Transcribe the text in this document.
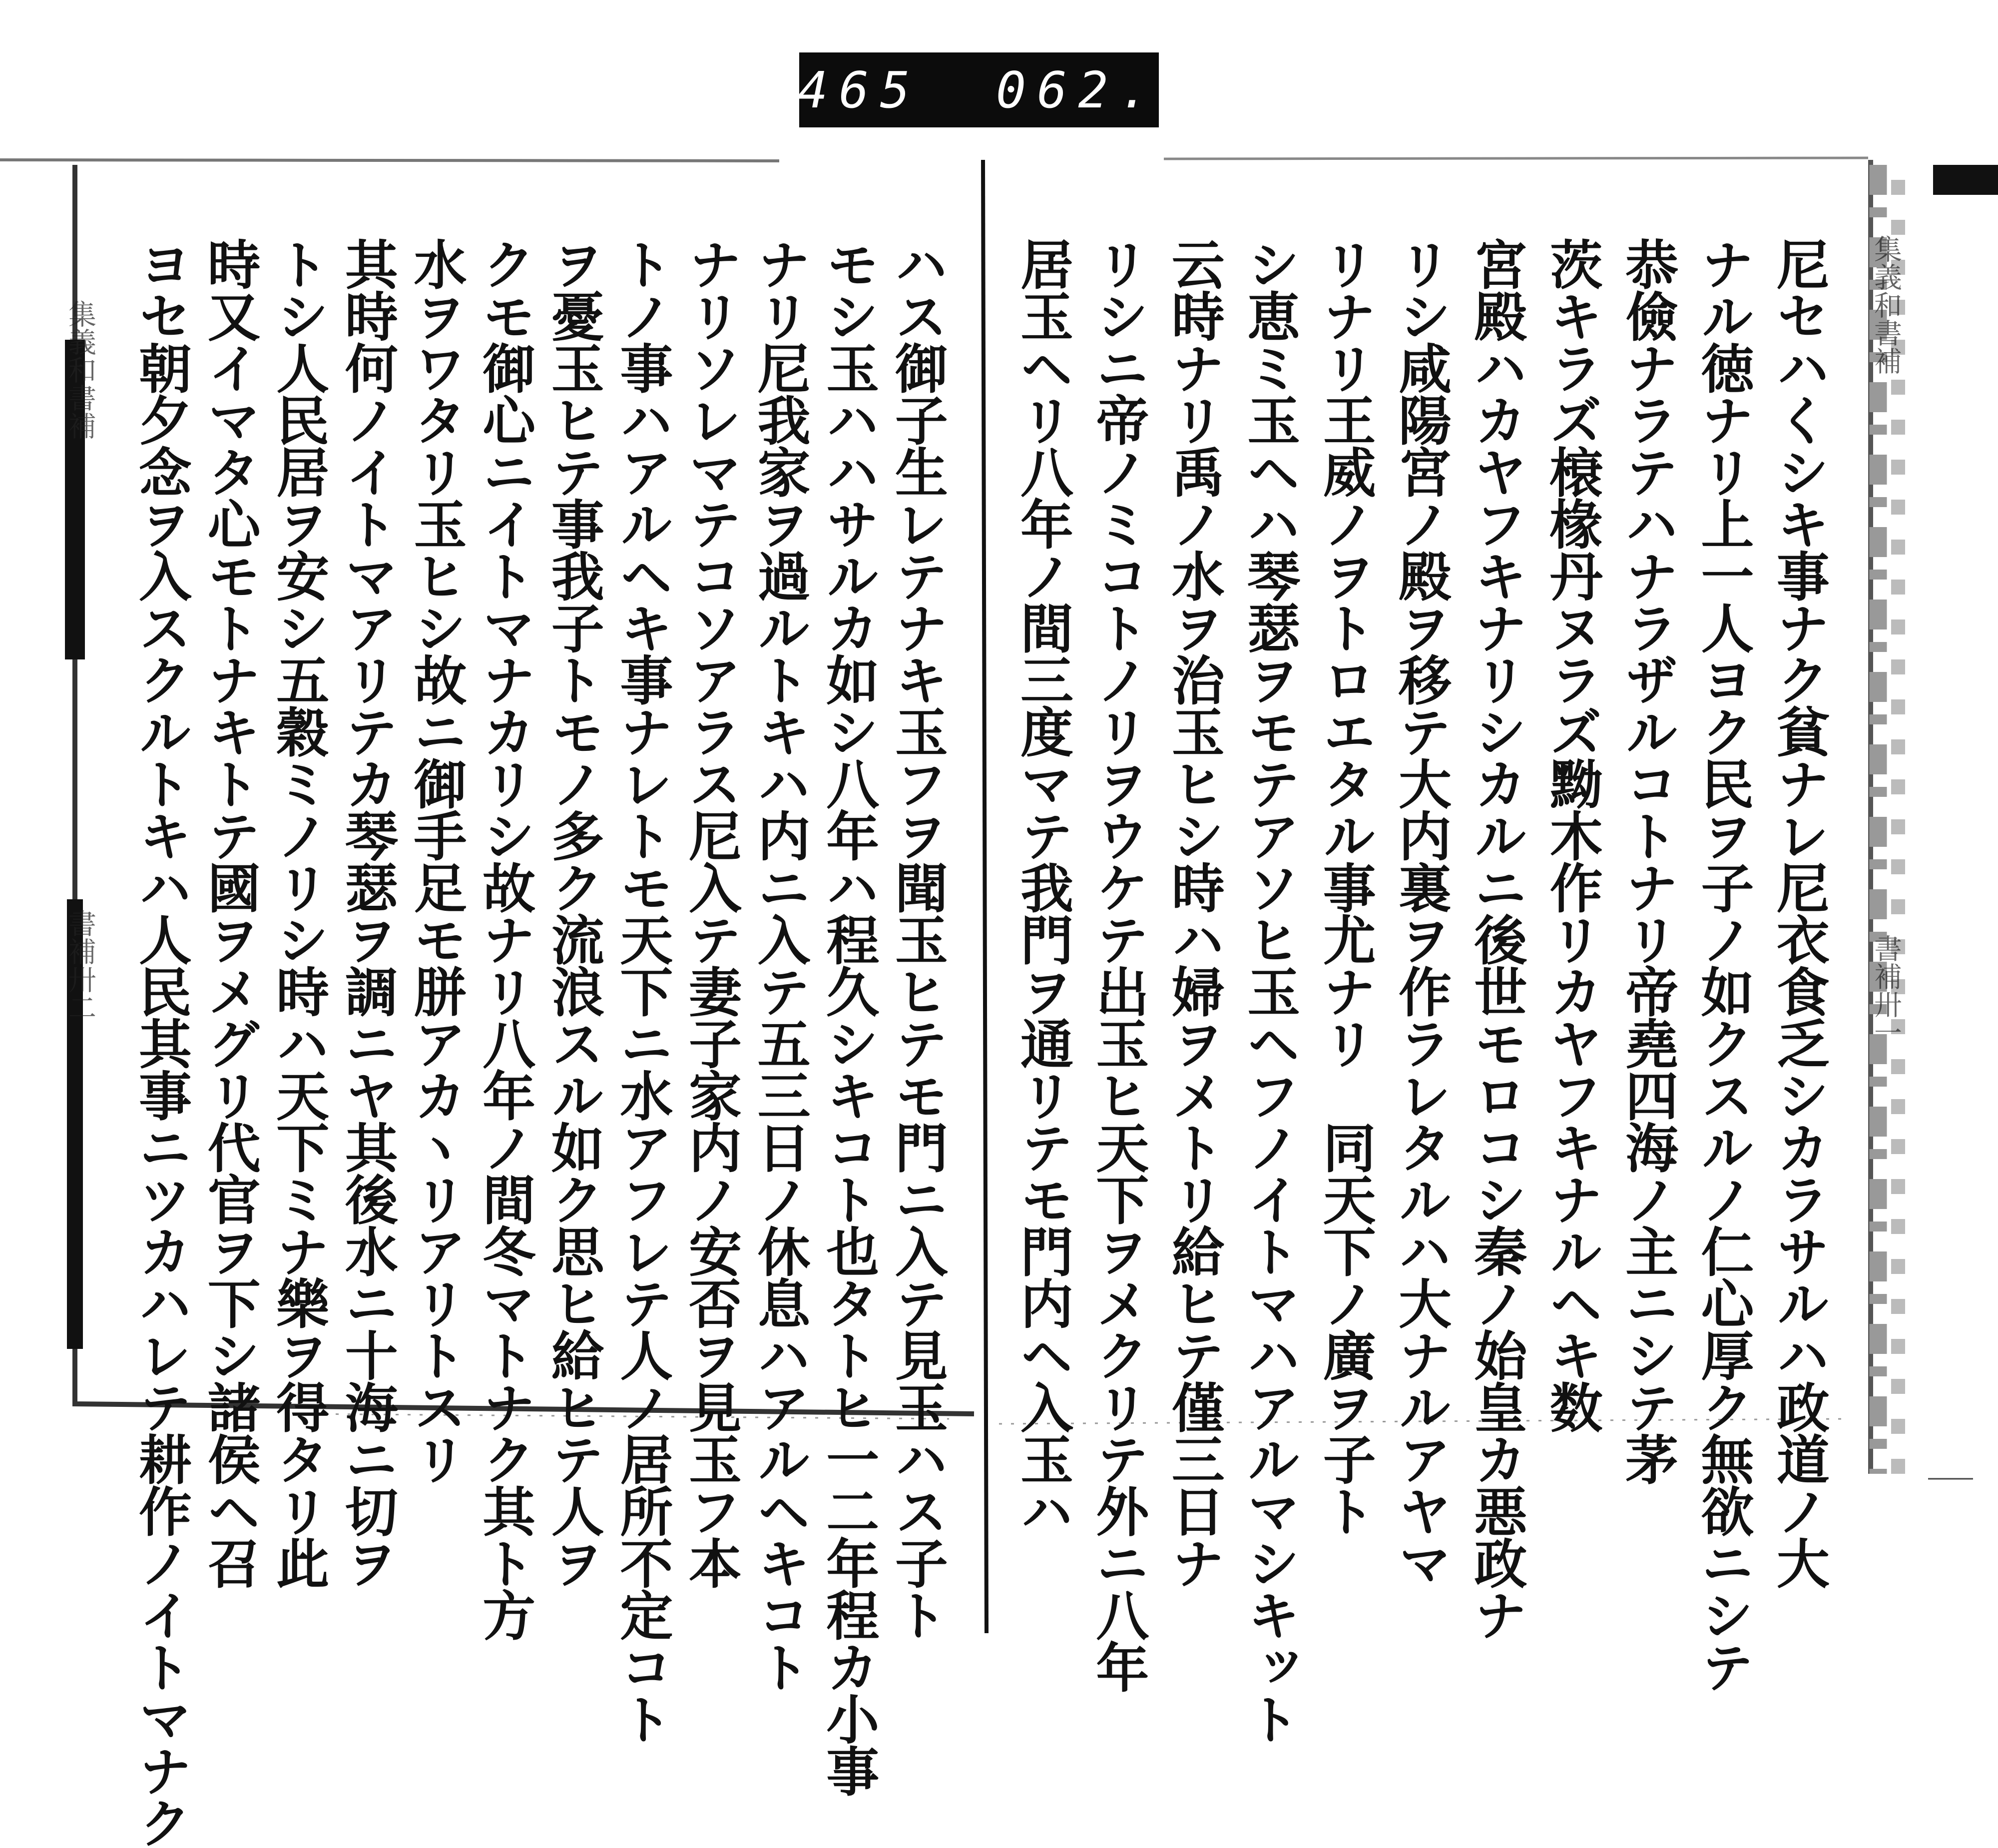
465 062.
集義和書補
書補卅一
集義和書補
書補卅二	尼セハくシキ事ナク貧ナレ尼衣食乏シカラサルハ政道ノ大
ナル徳ナリ上一人ヨク民ヲ子ノ如クスルノ仁心厚ク無欲ニシテ
恭儉ナラテハナラザルコトナリ帝堯四海ノ主ニシテ茅
茨キラズ榱椽丹ヌラズ黝木作リカヤフキナルヘキ数
宮殿ハカヤフキナリシカルニ後世モロコシ秦ノ始皇カ悪政ナ
リシ咸陽宮ノ殿ヲ移テ大内裏ヲ作ラレタルハ大ナルアヤマ
リナリ王威ノヲトロエタル事尤ナリ　同天下ノ廣ヲ子ト
シ恵ミ玉ヘハ琴瑟ヲモテアソヒ玉ヘフノイトマハアルマシキット
云時ナリ禹ノ水ヲ治玉ヒシ時ハ婦ヲメトリ給ヒテ僅三日ナ
リシニ帝ノミコトノリヲウケテ出玉ヒ天下ヲメクリテ外ニ八年
居玉ヘリ八年ノ間三度マテ我門ヲ通リテモ門内ヘ入玉ハ
ハス御子生レテナキ玉フヲ聞玉ヒテモ門ニ入テ見玉ハス子ト
モシ玉ハハサルカ如シ八年ハ程久シキコト也タトヒ一二年程カ小事
ナリ尼我家ヲ過ルトキハ内ニ入テ五三日ノ休息ハアルヘキコト
ナリソレマテコソアラス尼入テ妻子家内ノ安否ヲ見玉フ本
トノ事ハアルヘキ事ナレトモ天下ニ水アフレテ人ノ居所不定コト
ヲ憂玉ヒテ事我子トモノ多ク流浪スル如ク思ヒ給ヒテ人ヲ
クモ御心ニイトマナカリシ故ナリ八年ノ間冬マトナク其ト方
水ヲワタリ玉ヒシ故ニ御手足モ胼アカヽリアリトスリ
其時何ノイトマアリテカ琴瑟ヲ調ニヤ其後水ニ十海ニ切ヲ
トシ人民居ヲ安シ五穀ミノリシ時ハ天下ミナ樂ヲ得タリ此
時又イマタ心モトナキトテ國ヲメグリ代官ヲ下シ諸侯ヘ召
ヨセ朝夕念ヲ入スクルトキハ人民其事ニツカハレテ耕作ノイトマナク
